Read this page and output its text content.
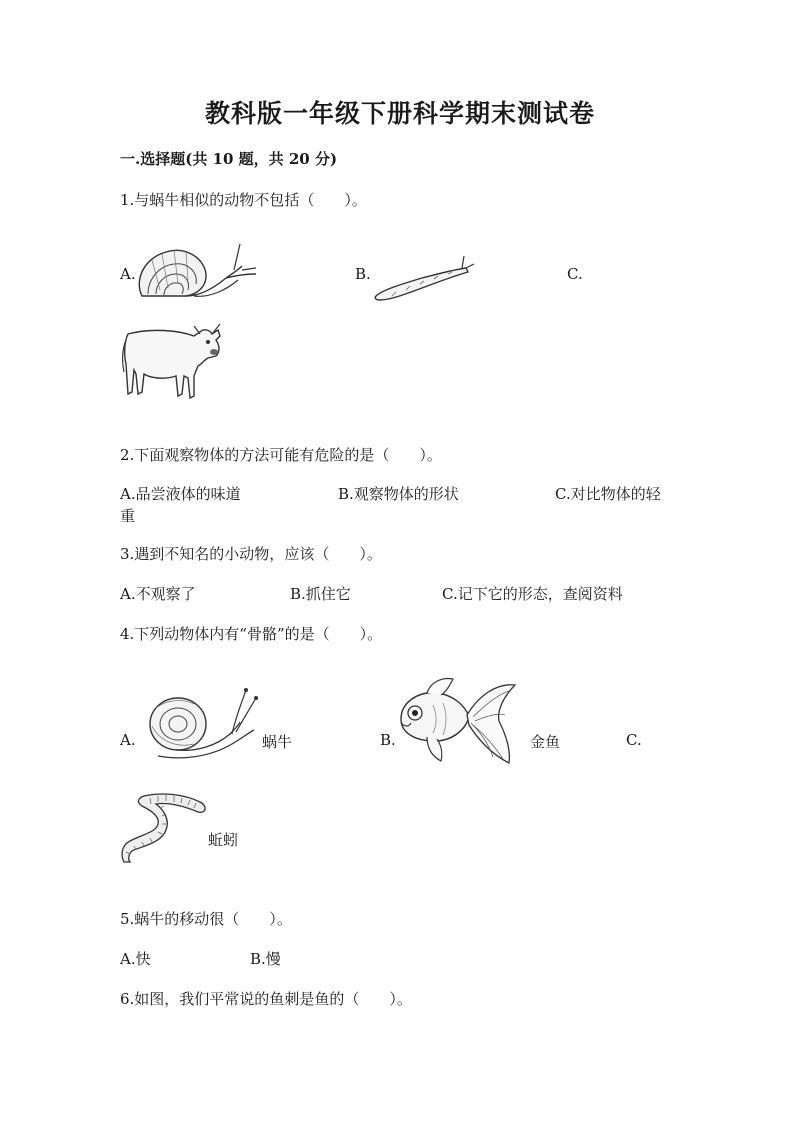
教科版一年级下册科学期末测试卷
一.选择题(共 10 题，共 20 分)
1.与蜗牛相似的动物不包括（　　）。
A.	B.	C.
2.下面观察物体的方法可能有危险的是（　　）。
A.品尝液体的味道	B.观察物体的形状	C.对比物体的轻
重
3.遇到不知名的小动物，应该（　　）。
A.不观察了	B.抓住它	C.记下它的形态，查阅资料
4.下列动物体内有“骨骼”的是（　　）。
A.	B.	C.
蜗牛	金鱼
蚯蚓
5.蜗牛的移动很（　　）。
A.快	B.慢
6.如图，我们平常说的鱼刺是鱼的（　　）。
